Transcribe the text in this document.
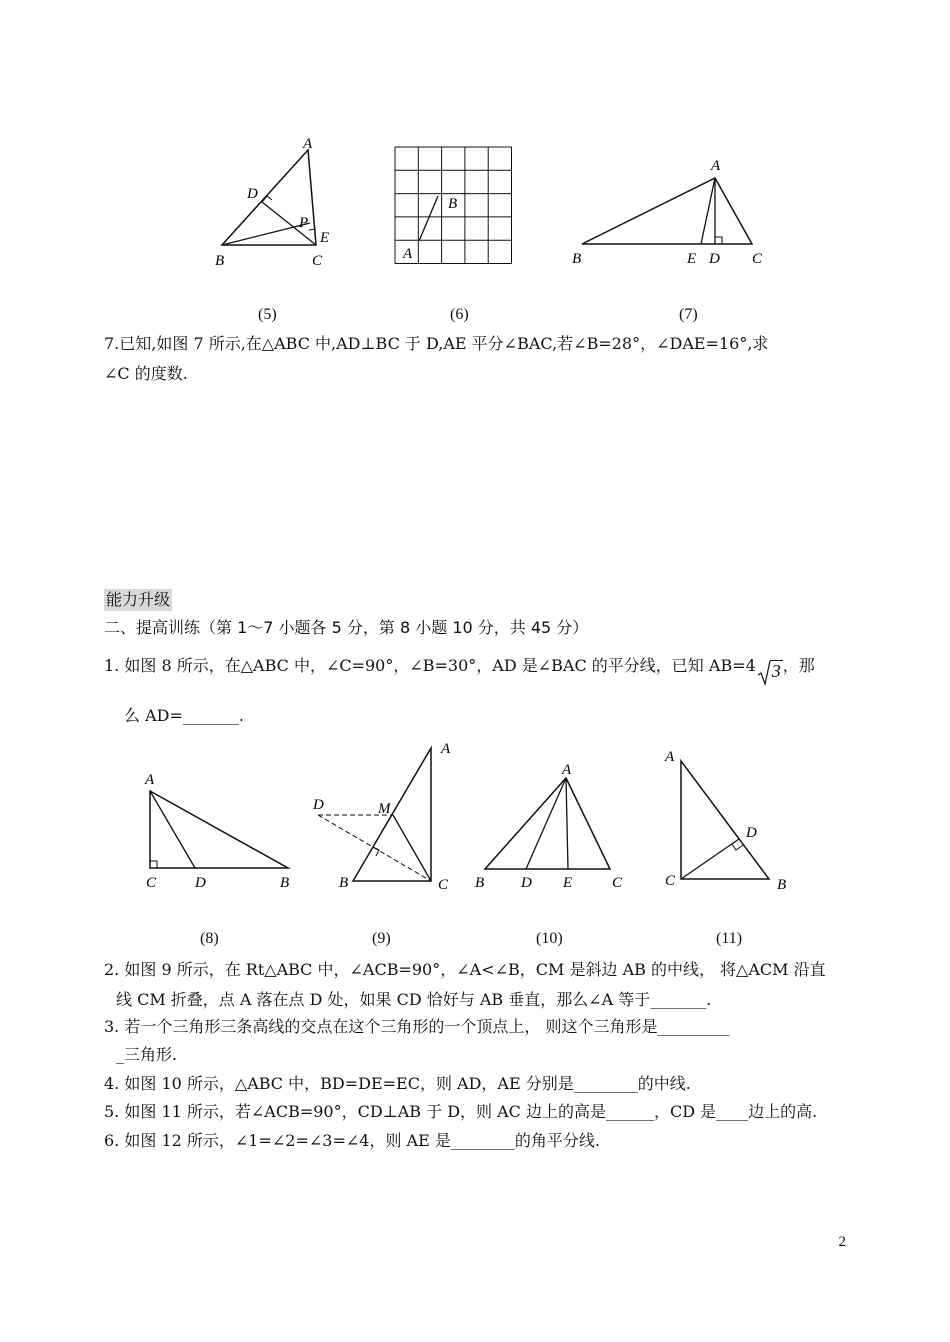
A
B	C
D
E
P
(5)
A
B
(6)
A
B	C
D
E
(7)
7.已知,如图 7 所示,在△ABC 中,AD⊥BC 于 D,AE 平分∠BAC,若∠B=28°，∠DAE=16°,求
∠C 的度数.
能力升级
二、提高训练（第 1～7 小题各 5 分，第 8 小题 10 分，共 45 分）
1. 如图 8 所示，在△ABC 中，∠C=90°，∠B=30°，AD 是∠BAC 的平分线，已知 AB=4 3 ，那
么 AD=_______.
A
B
C	D
(8)
A
B	C
D	M
(9)
A
B	C
D E
(10)
A
B
C
D
(11)
2. 如图 9 所示，在 Rt△ABC 中，∠ACB=90°，∠A<∠B，CM 是斜边 AB 的中线， 将△ACM 沿直
线 CM 折叠，点 A 落在点 D 处，如果 CD 恰好与 AB 垂直，那么∠A 等于_______.
3. 若一个三角形三条高线的交点在这个三角形的一个顶点上， 则这个三角形是_________
_三角形.
4. 如图 10 所示，△ABC 中，BD=DE=EC，则 AD，AE 分别是________的中线.
5. 如图 11 所示，若∠ACB=90°，CD⊥AB 于 D，则 AC 边上的高是______，CD 是____边上的高.
6. 如图 12 所示，∠1=∠2=∠3=∠4，则 AE 是________的角平分线.
2
